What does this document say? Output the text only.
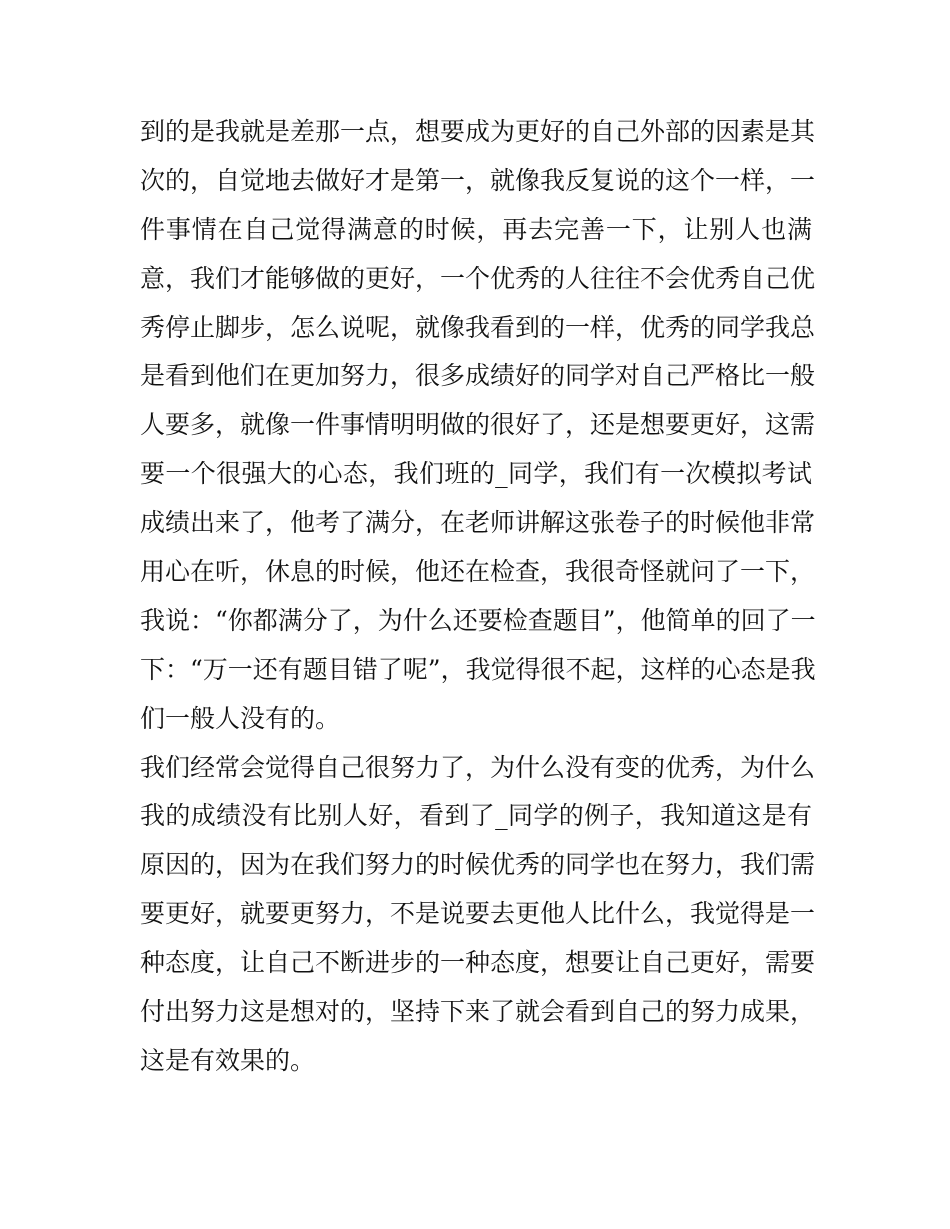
到的是我就是差那一点，想要成为更好的自己外部的因素是其
次的，自觉地去做好才是第一，就像我反复说的这个一样，一
件事情在自己觉得满意的时候，再去完善一下，让别人也满
意，我们才能够做的更好，一个优秀的人往往不会优秀自己优
秀停止脚步，怎么说呢，就像我看到的一样，优秀的同学我总
是看到他们在更加努力，很多成绩好的同学对自己严格比一般
人要多，就像一件事情明明做的很好了，还是想要更好，这需
要一个很强大的心态，我们班的_同学，我们有一次模拟考试
成绩出来了，他考了满分，在老师讲解这张卷子的时候他非常
用心在听，休息的时候，他还在检查，我很奇怪就问了一下，
我说：“你都满分了，为什么还要检查题目”，他简单的回了一
下：“万一还有题目错了呢”，我觉得很不起，这样的心态是我
们一般人没有的。
我们经常会觉得自己很努力了，为什么没有变的优秀，为什么
我的成绩没有比别人好，看到了_同学的例子，我知道这是有
原因的，因为在我们努力的时候优秀的同学也在努力，我们需
要更好，就要更努力，不是说要去更他人比什么，我觉得是一
种态度，让自己不断进步的一种态度，想要让自己更好，需要
付出努力这是想对的，坚持下来了就会看到自己的努力成果，
这是有效果的。
